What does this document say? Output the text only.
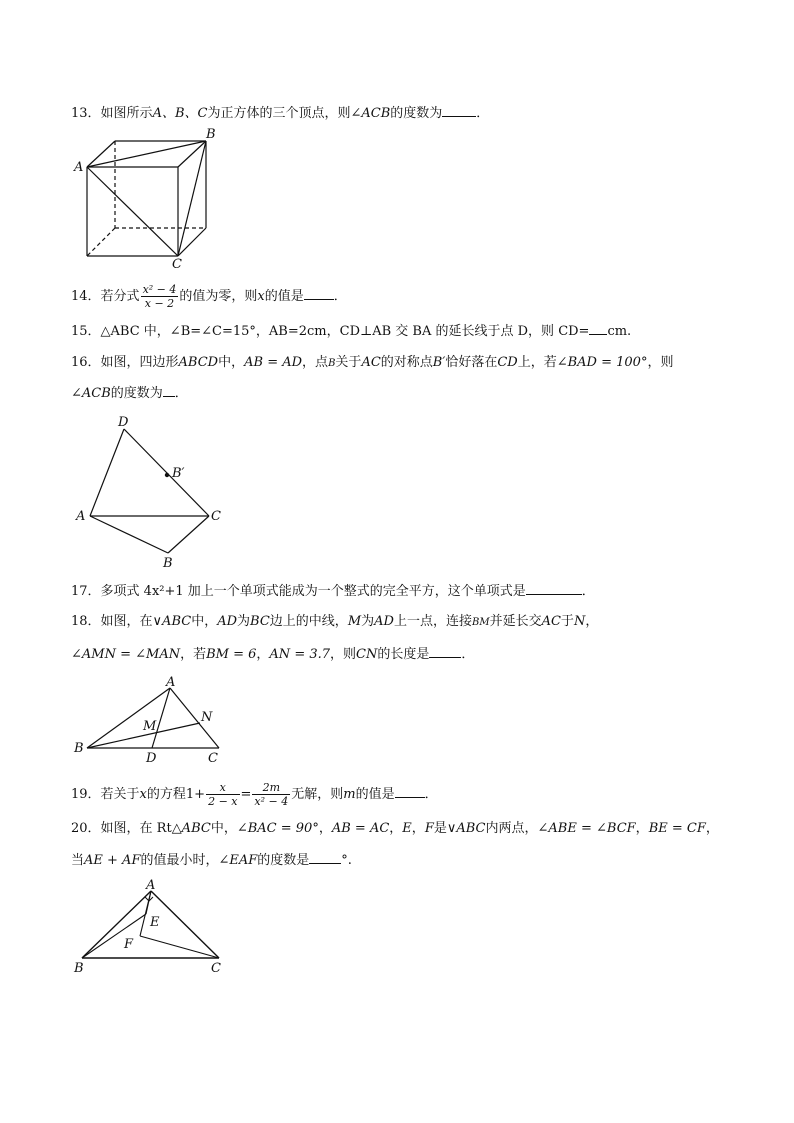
13．如图所示A、B、C为正方体的三个顶点，则∠ACB的度数为	．
A
B
C
D
B′
A	C
B
A
N
M
B
D	C
A
E
F
B	C
14．若分式 $\frac{\text{x² − 4}}{x - 2}$ 的值为零，则x的值是 ．
15．△ABC 中，∠B=∠C=15°，AB=2cm，CD⊥AB 交 BA 的延长线于点 D，则 CD= cm.
16．如图，四边形ABCD中，AB = AD，点B关于AC的对称点B′恰好落在CD上，若∠BAD = 100°，则
∠ACB的度数为 ．
17．多项式 4x²+1 加上一个单项式能成为一个整式的完全平方，这个单项式是	．
18．如图，在∨ABC中，AD为BC边上的中线，M为AD上一点，连接BM并延长交AC于N，
∠AMN = ∠MAN，若BM = 6，AN = 3.7，则CN的长度是 ．
19．若关于x的方程$1+ \frac{x}{2 - x} = \frac{2m}{\text{x² − 4}}$ 无解，则m的值是 ．
20．如图，在 Rt△ABC中，∠BAC = 90°，AB = AC，E，F是∨ABC内两点，∠ABE = ∠BCF，BE = CF，
当AE + AF的值最小时，∠EAF的度数是 °.
